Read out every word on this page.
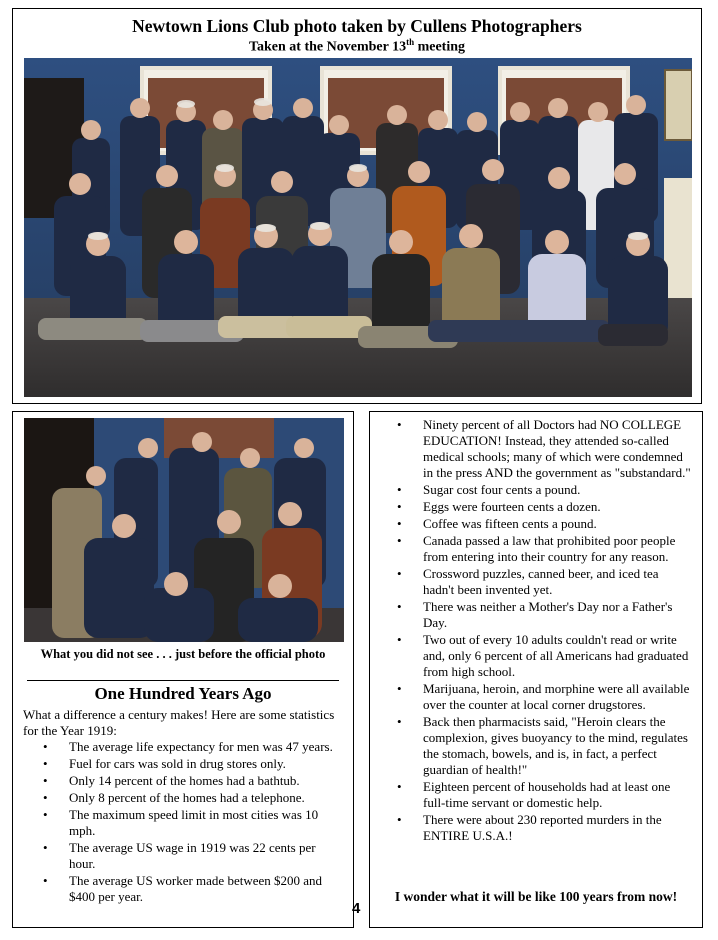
Newtown Lions Club photo taken by Cullens Photographers
Taken at the November 13th meeting
What you did not see . . . just before the official photo
One Hundred Years Ago
What a difference a century makes! Here are some statistics for the Year 1919:
• The average life expectancy for men was 47 years.
• Fuel for cars was sold in drug stores only.
• Only 14 percent of the homes had a bathtub.
• Only 8 percent of the homes had a telephone.
• The maximum speed limit in most cities was 10 mph.
• The average US wage in 1919 was 22 cents per hour.
• The average US worker made between $200 and $400 per year.
4
• Ninety percent of all Doctors had NO COLLEGE EDUCATION! Instead, they attended so-called medical schools; many of which were condemned in the press AND the government as "substandard."
• Sugar cost four cents a pound.
• Eggs were fourteen cents a dozen.
• Coffee was fifteen cents a pound.
• Canada passed a law that prohibited poor people from entering into their country for any reason.
• Crossword puzzles, canned beer, and iced tea hadn't been invented yet.
• There was neither a Mother's Day nor a Father's Day.
• Two out of every 10 adults couldn't read or write and, only 6 percent of all Americans had graduated from high school.
• Marijuana, heroin, and morphine were all available over the counter at local corner drugstores.
• Back then pharmacists said, "Heroin clears the complexion, gives buoyancy to the mind, regulates the stomach, bowels, and is, in fact, a perfect guardian of health!"
• Eighteen percent of households had at least one full-time servant or domestic help.
• There were about 230 reported murders in the ENTIRE U.S.A.!
I wonder what it will be like 100 years from now!
